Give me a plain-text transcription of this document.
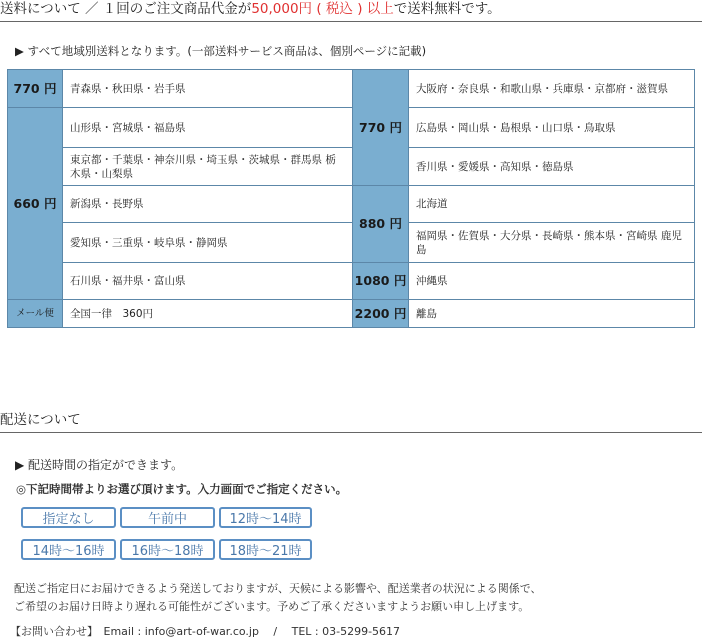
送料について ／ １回のご注文商品代金が50,000円 ( 税込 ) 以上で送料無料です。
▶ すべて地域別送料となります。(一部送料サービス商品は、個別ページに記載)
770 円	青森県・秋田県・岩手県	770 円	大阪府・奈良県・和歌山県・兵庫県・京都府・滋賀県
660 円	山形県・宮城県・福島県		広島県・岡山県・島根県・山口県・鳥取県
	東京都・千葉県・神奈川県・埼玉県・茨城県・群馬県 栃木県・山梨県		香川県・愛媛県・高知県・徳島県
	新潟県・長野県	880 円	北海道
	愛知県・三重県・岐阜県・静岡県		福岡県・佐賀県・大分県・長崎県・熊本県・宮崎県 鹿児島
	石川県・福井県・富山県	1080 円	沖縄県
メール便	全国一律　360円	2200 円	離島
配送について
▶ 配送時間の指定ができます。
◎下記時間帯よりお選び頂けます。入力画面でご指定ください。
指定なし	午前中	12時～14時
14時～16時	16時～18時	18時～21時
配送ご指定日にお届けできるよう発送しておりますが、天候による影響や、配送業者の状況による関係で、
ご希望のお届け日時より遅れる可能性がございます。予めご了承くださいますようお願い申し上げます。
【お問い合わせ】　Email : info@art-of-war.co.jp　 /　 TEL : 03-5299-5617
